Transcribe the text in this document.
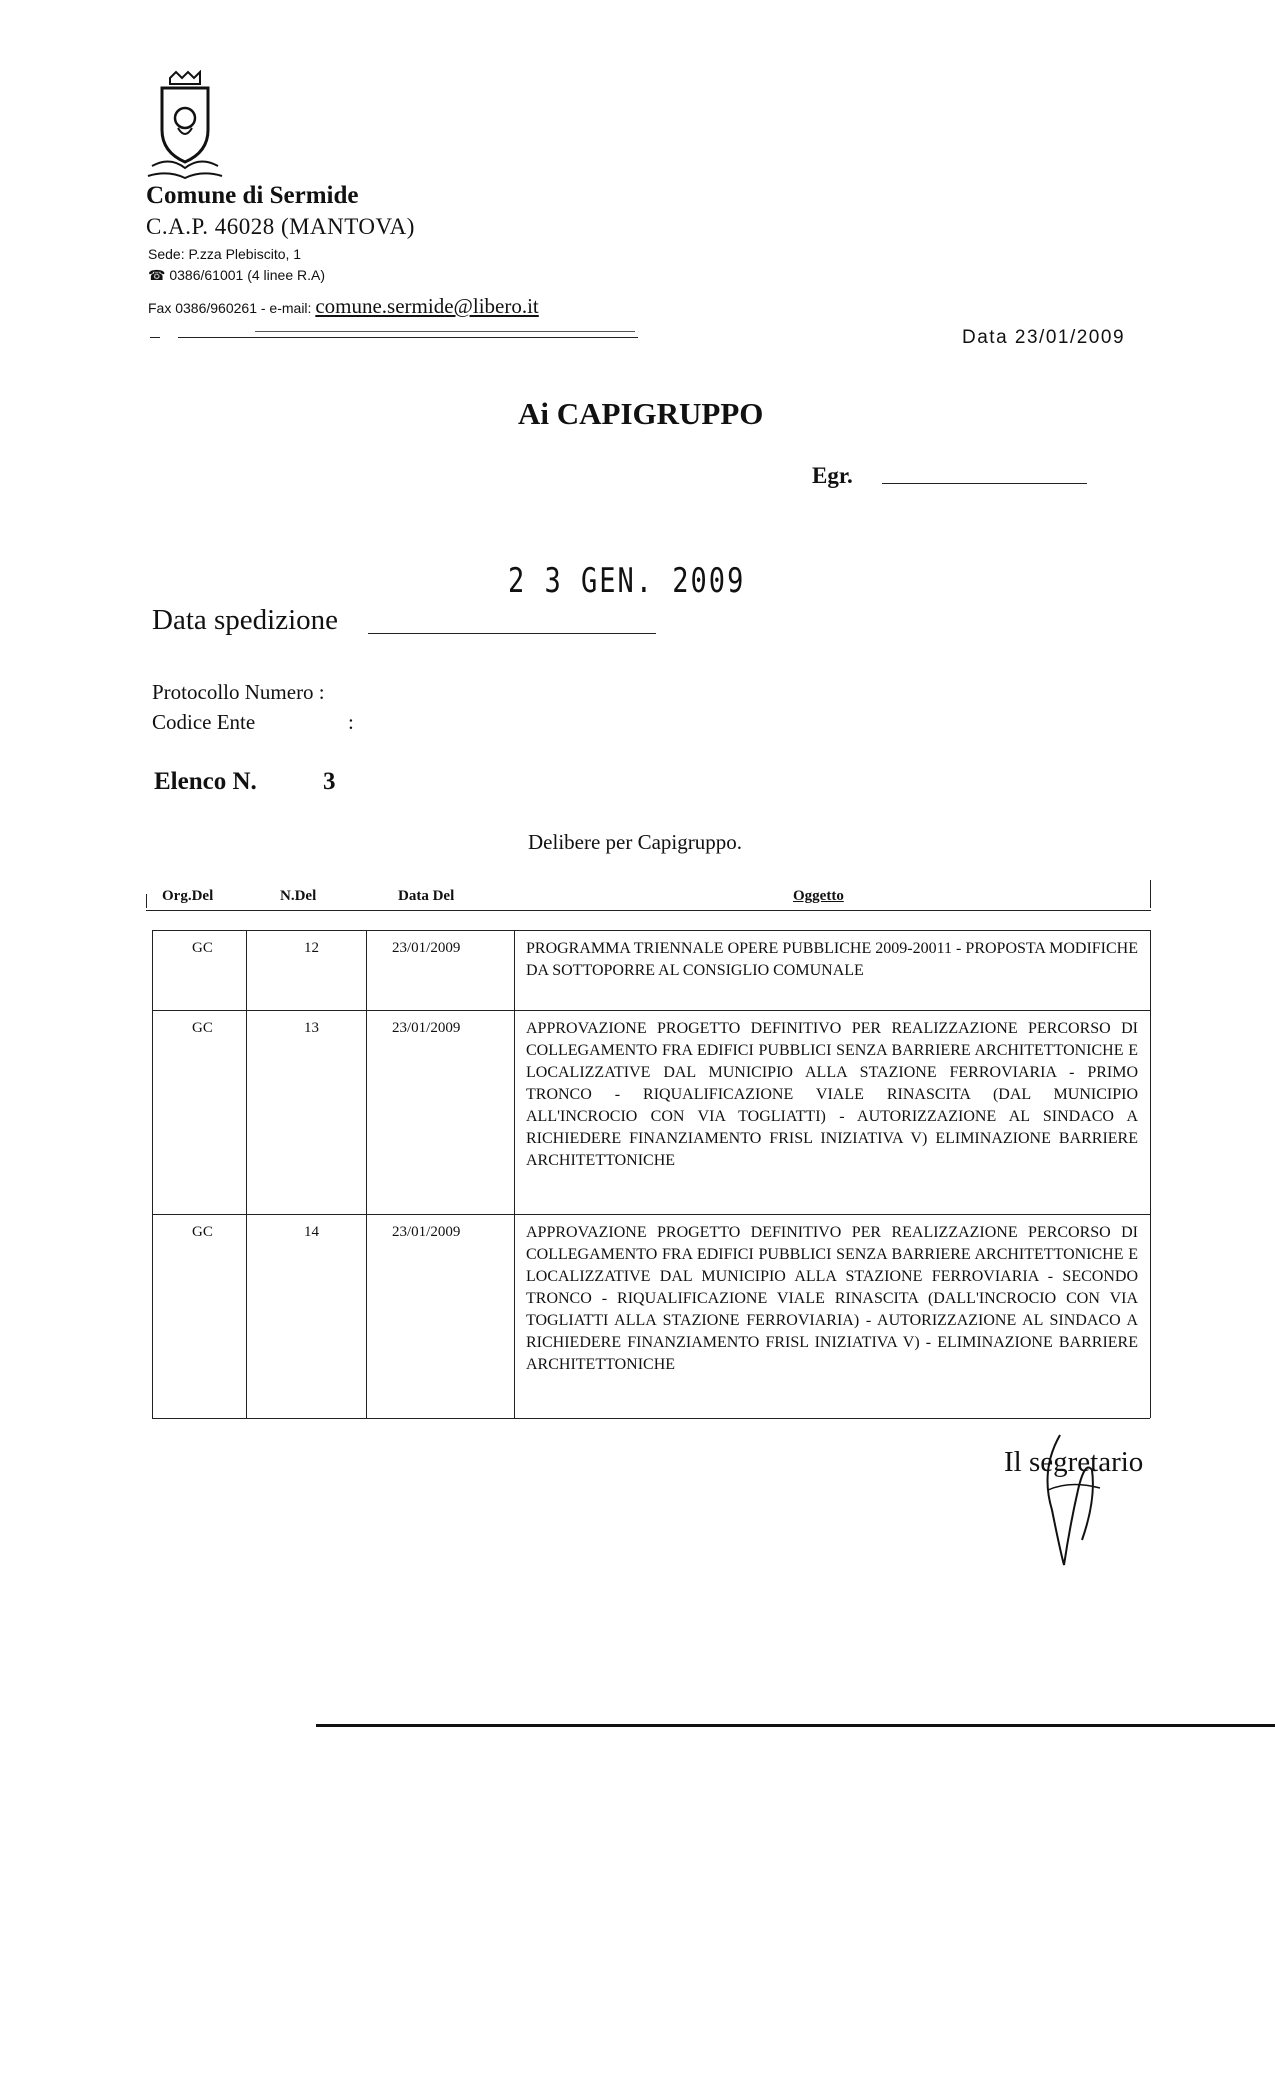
Comune di Sermide
C.A.P. 46028 (MANTOVA)
Sede: P.zza Plebiscito, 1
☎ 0386/61001 (4 linee R.A)
Fax 0386/960261 - e-mail: comune.sermide@libero.it
Data 23/01/2009
Ai CAPIGRUPPO
Egr.
2 3 GEN. 2009
Data spedizione
Protocollo Numero :
Codice Ente	:
Elenco N.	3
Delibere per Capigruppo.
Org.Del	N.Del	Data Del	Oggetto
GC	12	23/01/2009	PROGRAMMA TRIENNALE OPERE PUBBLICHE 2009-20011 - PROPOSTA MODIFICHE DA SOTTOPORRE AL CONSIGLIO COMUNALE
GC	13	23/01/2009	APPROVAZIONE PROGETTO DEFINITIVO PER REALIZZAZIONE PERCORSO DI COLLEGAMENTO FRA EDIFICI PUBBLICI SENZA BARRIERE ARCHITETTONICHE E LOCALIZZATIVE DAL MUNICIPIO ALLA STAZIONE FERROVIARIA - PRIMO TRONCO - RIQUALIFICAZIONE VIALE RINASCITA (DAL MUNICIPIO ALL'INCROCIO CON VIA TOGLIATTI) - AUTORIZZAZIONE AL SINDACO A RICHIEDERE FINANZIAMENTO FRISL INIZIATIVA V) ELIMINAZIONE BARRIERE ARCHITETTONICHE
GC	14	23/01/2009	APPROVAZIONE PROGETTO DEFINITIVO PER REALIZZAZIONE PERCORSO DI COLLEGAMENTO FRA EDIFICI PUBBLICI SENZA BARRIERE ARCHITETTONICHE E LOCALIZZATIVE DAL MUNICIPIO ALLA STAZIONE FERROVIARIA - SECONDO TRONCO - RIQUALIFICAZIONE VIALE RINASCITA (DALL'INCROCIO CON VIA TOGLIATTI ALLA STAZIONE FERROVIARIA) - AUTORIZZAZIONE AL SINDACO A RICHIEDERE FINANZIAMENTO FRISL INIZIATIVA V) - ELIMINAZIONE BARRIERE ARCHITETTONICHE
Il segretario
